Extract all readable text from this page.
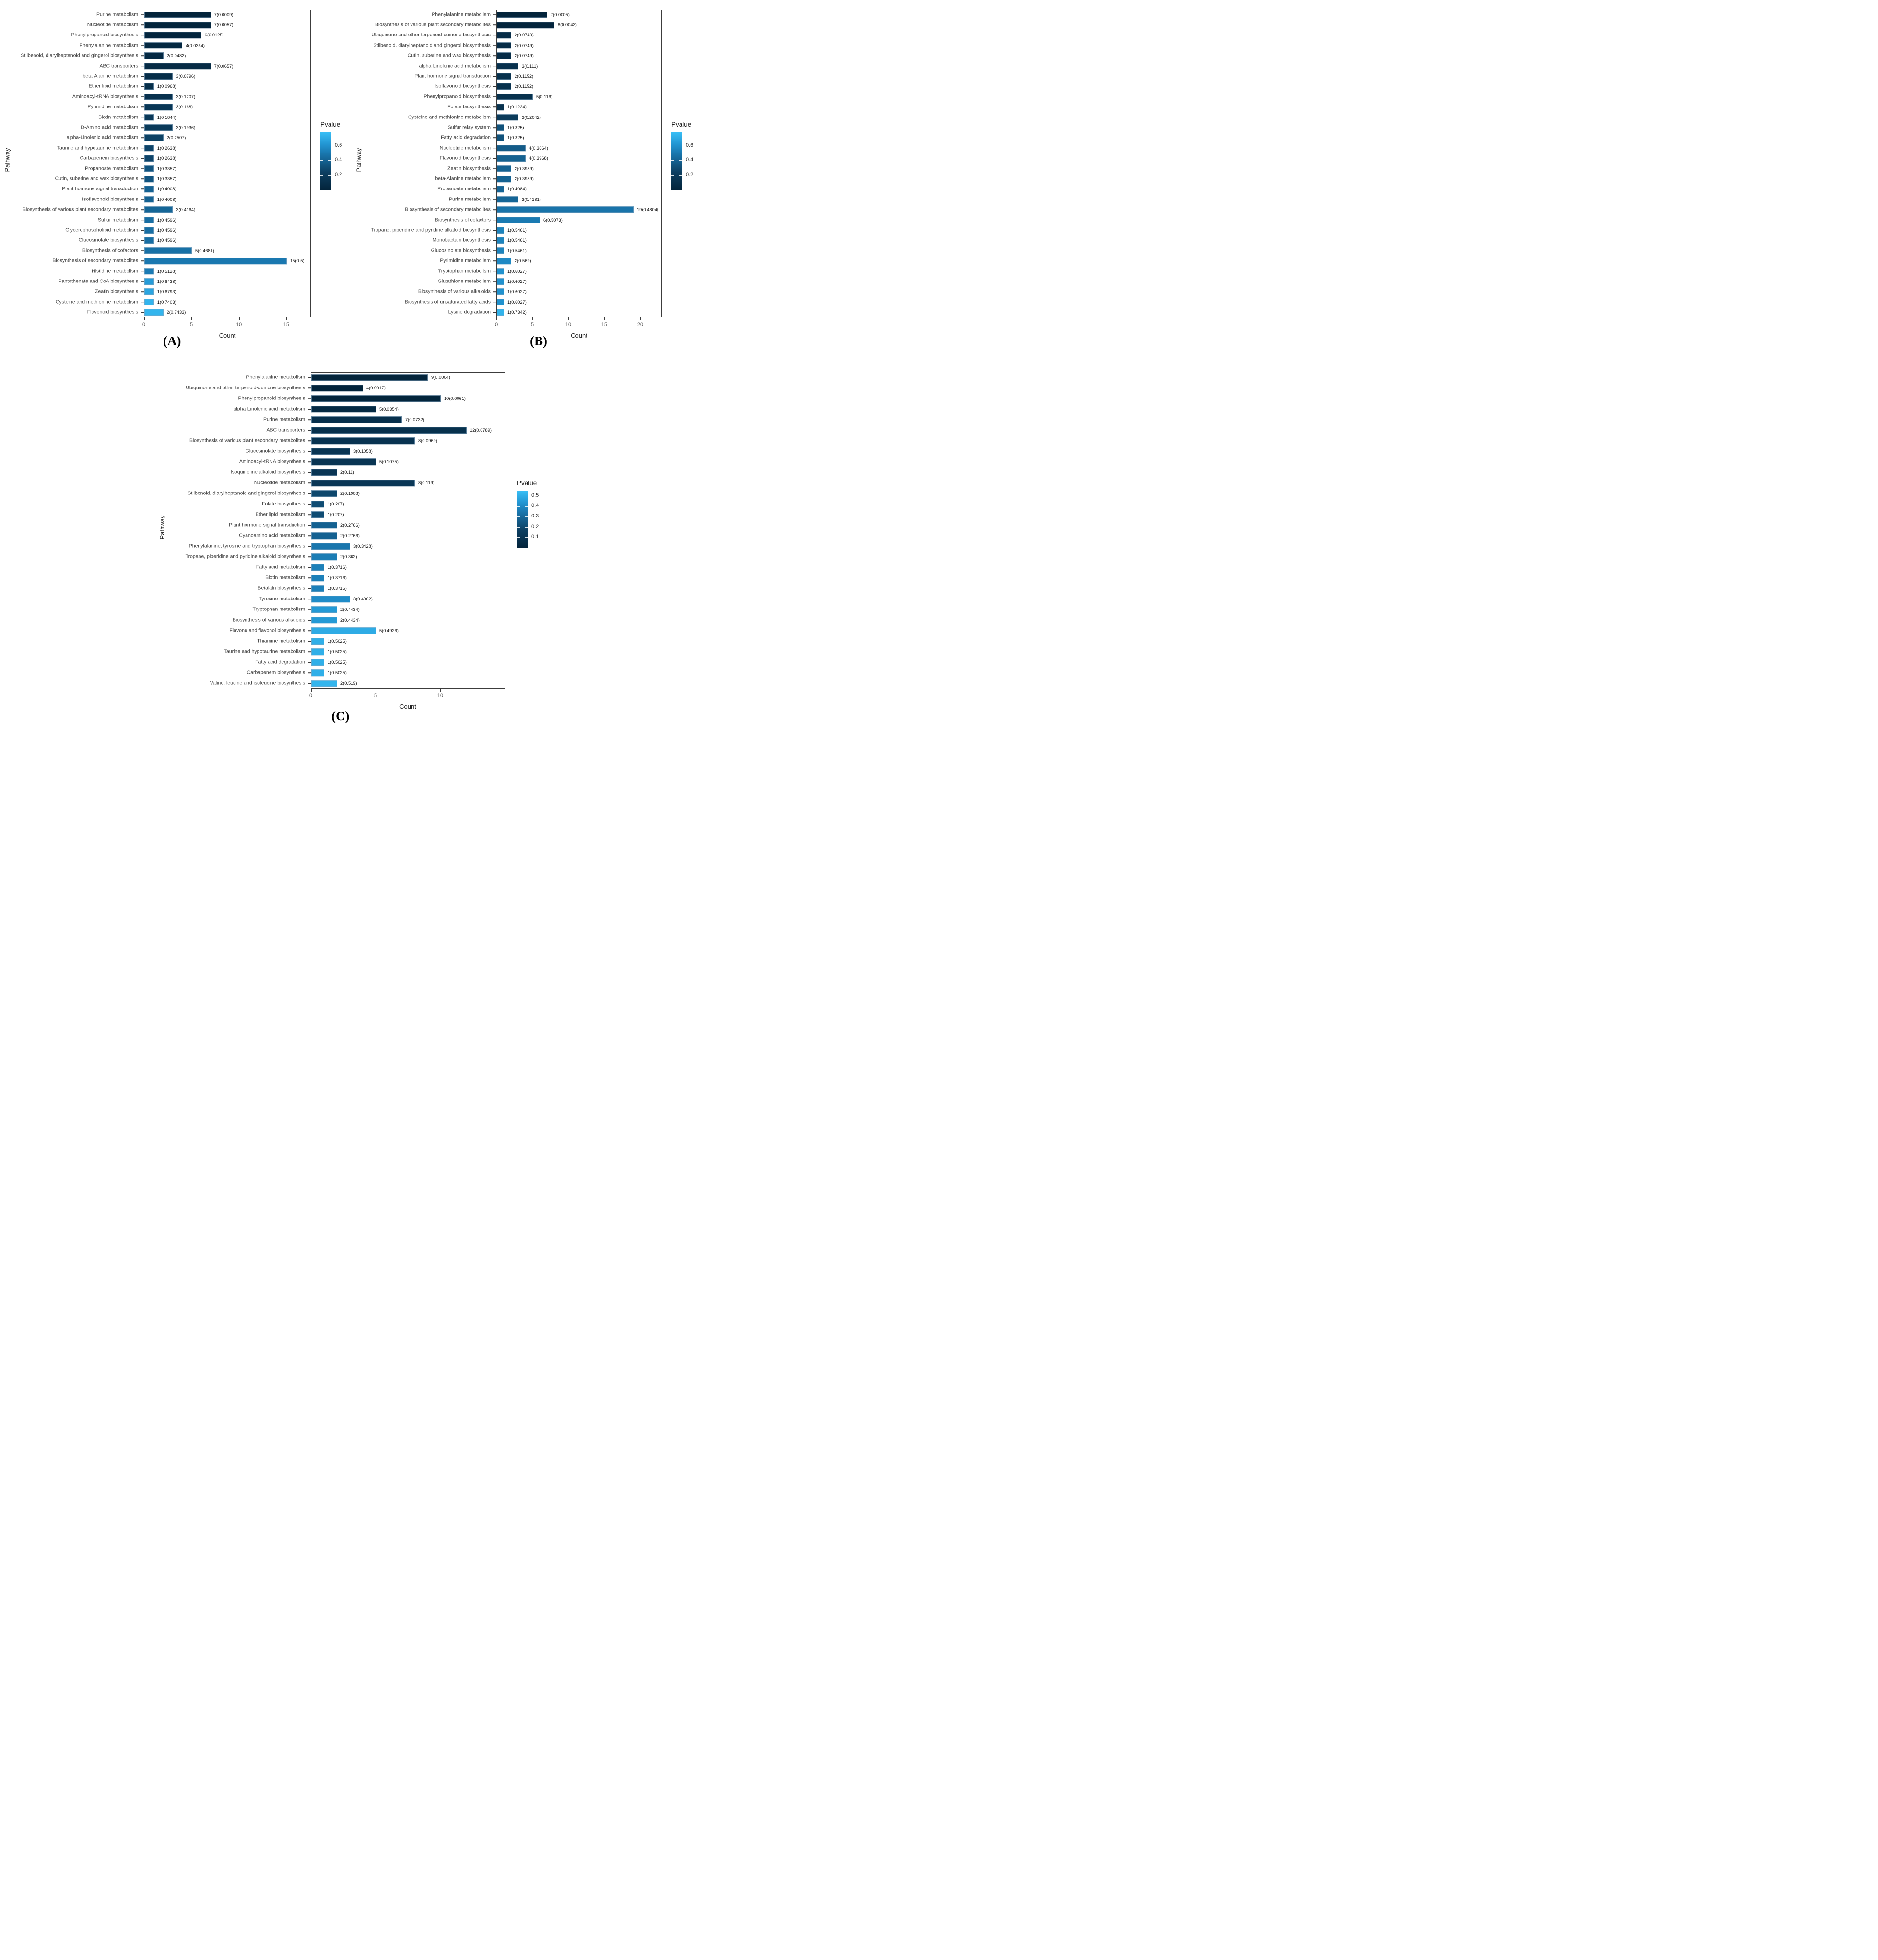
Pathway
Purine metabolism	7(0.0009)
Nucleotide metabolism	7(0.0057)
Phenylpropanoid biosynthesis	6(0.0125)
Phenylalanine metabolism	4(0.0364)
Stilbenoid, diarylheptanoid and gingerol biosynthesis	2(0.0482)
ABC transporters	7(0.0657)
beta-Alanine metabolism	3(0.0796)
Ether lipid metabolism	1(0.0968)
Aminoacyl-tRNA biosynthesis	3(0.1207)
Pyrimidine metabolism	3(0.168)
Biotin metabolism	1(0.1844)
D-Amino acid metabolism	3(0.1936)
alpha-Linolenic acid metabolism	2(0.2507)
Taurine and hypotaurine metabolism	1(0.2638)
Carbapenem biosynthesis	1(0.2638)
Propanoate metabolism	1(0.3357)
Cutin, suberine and wax biosynthesis	1(0.3357)
Plant hormone signal transduction	1(0.4008)
Isoflavonoid biosynthesis	1(0.4008)
Biosynthesis of various plant secondary metabolites	3(0.4164)
Sulfur metabolism	1(0.4596)
Glycerophospholipid metabolism	1(0.4596)
Glucosinolate biosynthesis	1(0.4596)
Biosynthesis of cofactors	5(0.4681)
Biosynthesis of secondary metabolites	15(0.5)
Histidine metabolism	1(0.5128)
Pantothenate and CoA biosynthesis	1(0.6438)
Zeatin biosynthesis	1(0.6793)
Cysteine and methionine metabolism	1(0.7403)
Flavonoid biosynthesis	2(0.7433)
0	5	10	15
Count
Pvalue
0.6
0.4
0.2
(A)
Pathway
Phenylalanine metabolism	7(0.0005)
Biosynthesis of various plant secondary metabolites	8(0.0043)
Ubiquinone and other terpenoid-quinone biosynthesis	2(0.0749)
Stilbenoid, diarylheptanoid and gingerol biosynthesis	2(0.0749)
Cutin, suberine and wax biosynthesis	2(0.0749)
alpha-Linolenic acid metabolism	3(0.111)
Plant hormone signal transduction	2(0.1152)
Isoflavonoid biosynthesis	2(0.1152)
Phenylpropanoid biosynthesis	5(0.116)
Folate biosynthesis	1(0.1224)
Cysteine and methionine metabolism	3(0.2042)
Sulfur relay system	1(0.325)
Fatty acid degradation	1(0.325)
Nucleotide metabolism	4(0.3664)
Flavonoid biosynthesis	4(0.3968)
Zeatin biosynthesis	2(0.3989)
beta-Alanine metabolism	2(0.3989)
Propanoate metabolism	1(0.4084)
Purine metabolism	3(0.4181)
Biosynthesis of secondary metabolites	19(0.4804)
Biosynthesis of cofactors	6(0.5073)
Tropane, piperidine and pyridine alkaloid biosynthesis	1(0.5461)
Monobactam biosynthesis	1(0.5461)
Glucosinolate biosynthesis	1(0.5461)
Pyrimidine metabolism	2(0.569)
Tryptophan metabolism	1(0.6027)
Glutathione metabolism	1(0.6027)
Biosynthesis of various alkaloids	1(0.6027)
Biosynthesis of unsaturated fatty acids	1(0.6027)
Lysine degradation	1(0.7342)
0	5	10	15	20
Count
Pvalue
0.6
0.4
0.2
(B)
Pathway
Phenylalanine metabolism	9(0.0004)
Ubiquinone and other terpenoid-quinone biosynthesis	4(0.0017)
Phenylpropanoid biosynthesis	10(0.0061)
alpha-Linolenic acid metabolism	5(0.0354)
Purine metabolism	7(0.0732)
ABC transporters	12(0.0789)
Biosynthesis of various plant secondary metabolites	8(0.0969)
Glucosinolate biosynthesis	3(0.1058)
Aminoacyl-tRNA biosynthesis	5(0.1075)
Isoquinoline alkaloid biosynthesis	2(0.11)
Nucleotide metabolism	8(0.119)
Stilbenoid, diarylheptanoid and gingerol biosynthesis	2(0.1908)
Folate biosynthesis	1(0.207)
Ether lipid metabolism	1(0.207)
Plant hormone signal transduction	2(0.2766)
Cyanoamino acid metabolism	2(0.2766)
Phenylalanine, tyrosine and tryptophan biosynthesis	3(0.3428)
Tropane, piperidine and pyridine alkaloid biosynthesis	2(0.362)
Fatty acid metabolism	1(0.3716)
Biotin metabolism	1(0.3716)
Betalain biosynthesis	1(0.3716)
Tyrosine metabolism	3(0.4062)
Tryptophan metabolism	2(0.4434)
Biosynthesis of various alkaloids	2(0.4434)
Flavone and flavonol biosynthesis	5(0.4926)
Thiamine metabolism	1(0.5025)
Taurine and hypotaurine metabolism	1(0.5025)
Fatty acid degradation	1(0.5025)
Carbapenem biosynthesis	1(0.5025)
Valine, leucine and isoleucine biosynthesis	2(0.519)
0	5	10
Count
Pvalue
0.5
0.4
0.3
0.2
0.1
(C)
